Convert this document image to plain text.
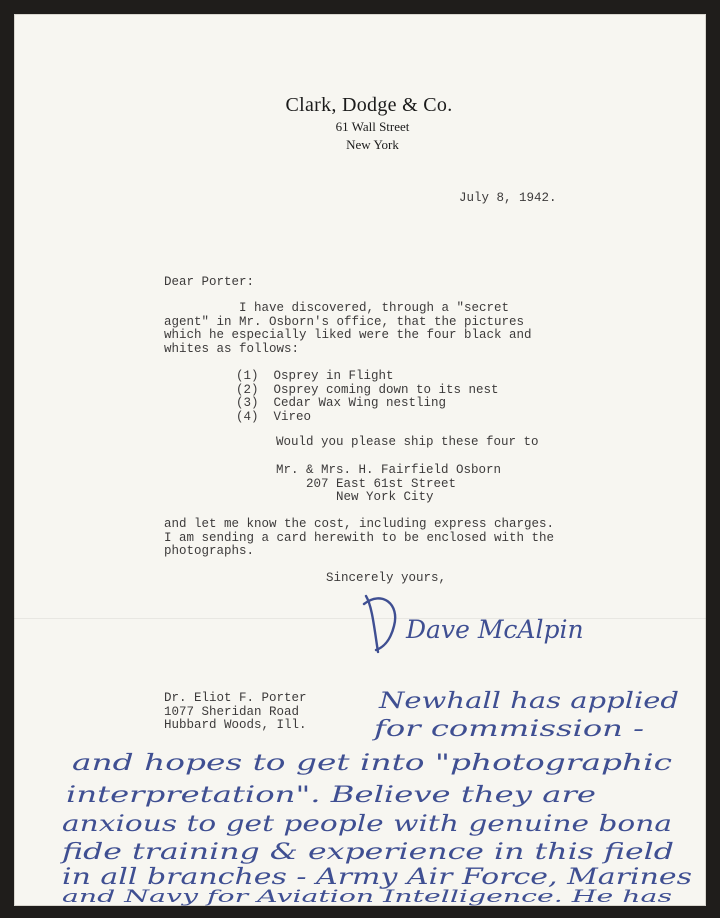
Clark, Dodge & Co.
61 Wall Street
New York
July 8, 1942.
Dear Porter:
I have discovered, through a "secret
agent" in Mr. Osborn's office, that the pictures
which he especially liked were the four black and
whites as follows:
(1)  Osprey in Flight
(2)  Osprey coming down to its nest
(3)  Cedar Wax Wing nestling
(4)  Vireo
Would you please ship these four to
Mr. & Mrs. H. Fairfield Osborn
207 East 61st Street
New York City
and let me know the cost, including express charges.
I am sending a card herewith to be enclosed with the
photographs.
Sincerely yours,
Dave McAlpin
Dr. Eliot F. Porter
1077 Sheridan Road
Hubbard Woods, Ill.
Newhall has applied
for commission -
and hopes to get into "photographic
interpretation". Believe they are
anxious to get people with genuine bona
fide training & experience in this field
in all branches - Army Air Force, Marines
and Navy for Aviation Intelligence. He has
